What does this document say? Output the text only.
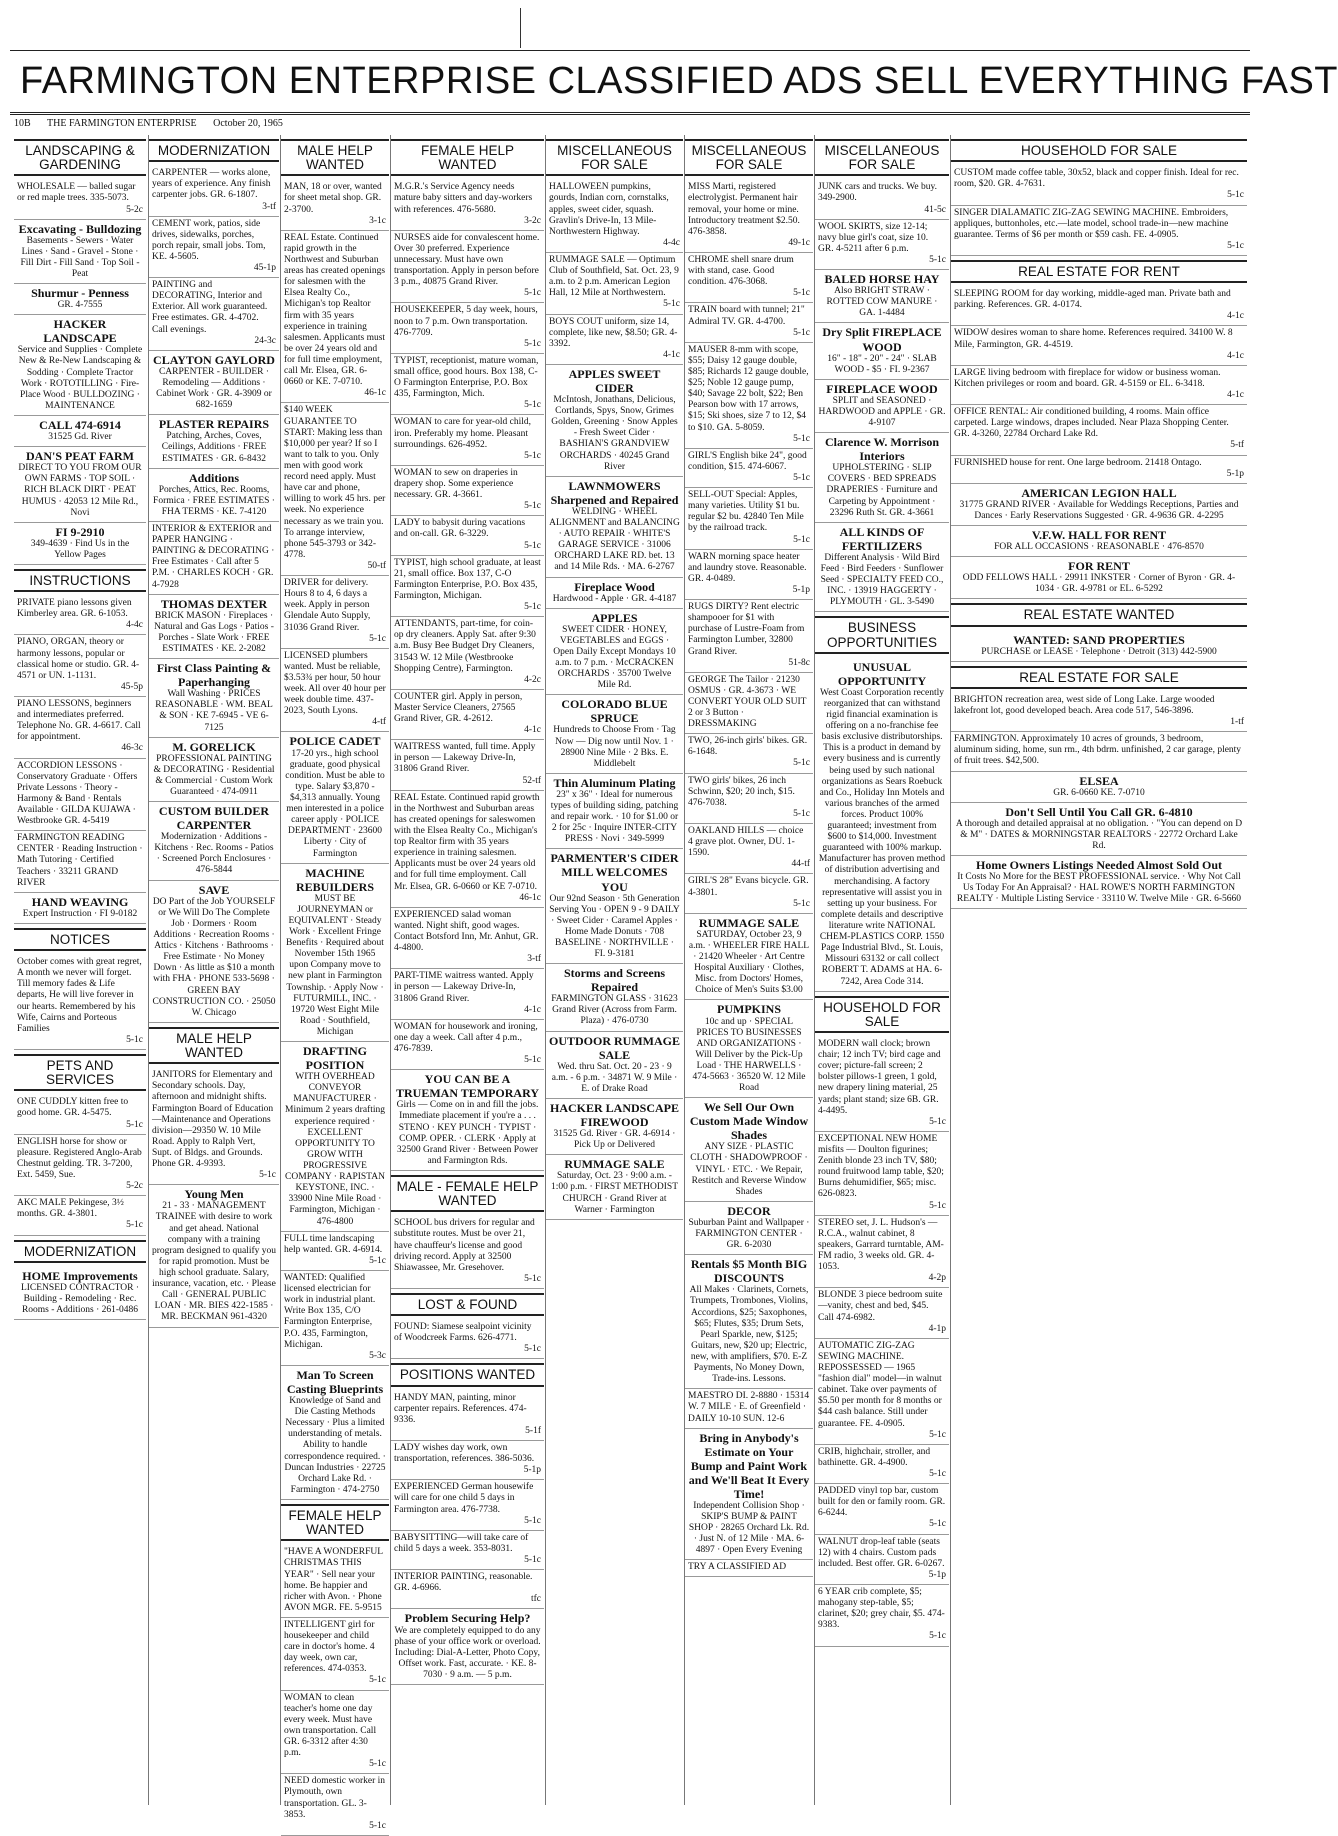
FARMINGTON ENTERPRISE CLASSIFIED ADS SELL EVERYTHING FAST
10B THE FARMINGTON ENTERPRISE October 20, 1965
LANDSCAPING & GARDENING

WHOLESALE — balled sugar or red maple trees. 335-5073.

5-2c

Excavating - Bulldozing

Basements - Sewers · Water Lines · Sand - Gravel - Stone · Fill Dirt - Fill Sand · Top Soil - Peat

Shurmur - Penness

GR. 4-7555

HACKER LANDSCAPE

Service and Supplies · Complete New & Re-New Landscaping & Sodding · Complete Tractor Work · ROTOTILLING · Fire-Place Wood · BULLDOZING · MAINTENANCE

CALL 474-6914

31525 Gd. River

DAN'S PEAT FARM

DIRECT TO YOU FROM OUR OWN FARMS · TOP SOIL · RICH BLACK DIRT · PEAT HUMUS · 42053 12 Mile Rd., Novi

FI 9-2910

349-4639 · Find Us in the Yellow Pages

INSTRUCTIONS

PRIVATE piano lessons given Kimberley area. GR. 6-1053.

4-4c

PIANO, ORGAN, theory or harmony lessons, popular or classical home or studio. GR. 4-4571 or UN. 1-1131.

45-5p

PIANO LESSONS, beginners and intermediates preferred. Telephone No. GR. 4-6617. Call for appointment.

46-3c

ACCORDION LESSONS · Conservatory Graduate · Offers Private Lessons · Theory - Harmony & Band · Rentals Available · GILDA KUJAWA · Westbrooke GR. 4-5419

FARMINGTON READING CENTER · Reading Instruction · Math Tutoring · Certified Teachers · 33211 GRAND RIVER

HAND WEAVING

Expert Instruction · FI 9-0182

NOTICES

October comes with great regret, A month we never will forget. Till memory fades & Life departs, He will live forever in our hearts. Remembered by his Wife, Cairns and Porteous Families

5-1c

PETS AND SERVICES

ONE CUDDLY kitten free to good home. GR. 4-5475.

5-1c

ENGLISH horse for show or pleasure. Registered Anglo-Arab Chestnut gelding. TR. 3-7200, Ext. 5459, Sue.

5-2c

AKC MALE Pekingese, 3½ months. GR. 4-3801.

5-1c

MODERNIZATION

HOME Improvements

LICENSED CONTRACTOR · Building - Remodeling · Rec. Rooms - Additions · 261-0486

MODERNIZATION

CARPENTER — works alone, years of experience. Any finish carpenter jobs. GR. 6-1807.

3-tf

CEMENT work, patios, side drives, sidewalks, porches, porch repair, small jobs. Tom, KE. 4-5605.

45-1p

PAINTING and DECORATING, Interior and Exterior. All work guaranteed. Free estimates. GR. 4-4702. Call evenings.

24-3c

CLAYTON GAYLORD

CARPENTER - BUILDER · Remodeling — Additions · Cabinet Work · GR. 4-3909 or 682-1659

PLASTER REPAIRS

Patching, Arches, Coves, Ceilings, Additions · FREE ESTIMATES · GR. 6-8432

Additions

Porches, Attics, Rec. Rooms, Formica · FREE ESTIMATES · FHA TERMS · KE. 7-4120

INTERIOR & EXTERIOR and PAPER HANGING · PAINTING & DECORATING · Free Estimates · Call after 5 P.M. · CHARLES KOCH · GR. 4-7928

THOMAS DEXTER

BRICK MASON · Fireplaces · Natural and Gas Logs · Patios - Porches - Slate Work · FREE ESTIMATES · KE. 2-2082

First Class Painting & Paperhanging

Wall Washing · PRICES REASONABLE · WM. BEAL & SON · KE 7-6945 - VE 6-7125

M. GORELICK

PROFESSIONAL PAINTING & DECORATING · Residential & Commercial · Custom Work Guaranteed · 474-0911

CUSTOM BUILDER CARPENTER

Modernization · Additions - Kitchens · Rec. Rooms - Patios · Screened Porch Enclosures · 476-5844

SAVE

DO Part of the Job YOURSELF or We Will Do The Complete Job · Dormers · Room Additions · Recreation Rooms · Attics · Kitchens · Bathrooms · Free Estimate · No Money Down · As little as $10 a month with FHA · PHONE 533-5698 · GREEN BAY CONSTRUCTION CO. · 25050 W. Chicago

MALE HELP WANTED

JANITORS for Elementary and Secondary schools. Day, afternoon and midnight shifts. Farmington Board of Education—Maintenance and Operations division—29350 W. 10 Mile Road. Apply to Ralph Vert, Supt. of Bldgs. and Grounds. Phone GR. 4-9393.

5-1c

Young Men

21 - 33 · MANAGEMENT TRAINEE with desire to work and get ahead. National company with a training program designed to qualify you for rapid promotion. Must be high school graduate. Salary, insurance, vacation, etc. · Please Call · GENERAL PUBLIC LOAN · MR. BIES 422-1585 · MR. BECKMAN 961-4320

MALE HELP WANTED

MAN, 18 or over, wanted for sheet metal shop. GR. 2-3700.

3-1c

REAL Estate. Continued rapid growth in the Northwest and Suburban areas has created openings for salesmen with the Elsea Realty Co., Michigan's top Realtor firm with 35 years experience in training salesmen. Applicants must be over 24 years old and for full time employment, call Mr. Elsea, GR. 6-0660 or KE. 7-0710.

46-1c

$140 WEEK GUARANTEE TO START: Making less than $10,000 per year? If so I want to talk to you. Only men with good work record need apply. Must have car and phone, willing to work 45 hrs. per week. No experience necessary as we train you. To arrange interview, phone 545-3793 or 342-4778.

50-tf

DRIVER for delivery. Hours 8 to 4, 6 days a week. Apply in person Glendale Auto Supply, 31036 Grand River.

5-1c

LICENSED plumbers wanted. Must be reliable, $3.53¾ per hour, 50 hour week. All over 40 hour per week double time. 437-2023, South Lyons.

4-tf

POLICE CADET

17-20 yrs., high school graduate, good physical condition. Must be able to type. Salary $3,870 - $4,313 annually. Young men interested in a police career apply · POLICE DEPARTMENT · 23600 Liberty · City of Farmington

MACHINE REBUILDERS

MUST BE JOURNEYMAN or EQUIVALENT · Steady Work · Excellent Fringe Benefits · Required about November 15th 1965 upon Company move to new plant in Farmington Township. · Apply Now · FUTURMILL, INC. · 19720 West Eight Mile Road · Southfield, Michigan

DRAFTING POSITION

WITH OVERHEAD CONVEYOR MANUFACTURER · Minimum 2 years drafting experience required · EXCELLENT OPPORTUNITY TO GROW WITH PROGRESSIVE COMPANY · RAPISTAN KEYSTONE, INC. · 33900 Nine Mile Road · Farmington, Michigan · 476-4800

FULL time landscaping help wanted. GR. 4-6914.

5-1c

WANTED: Qualified licensed electrician for work in industrial plant. Write Box 135, C/O Farmington Enterprise, P.O. 435, Farmington, Michigan.

5-3c

Man To Screen Casting Blueprints

Knowledge of Sand and Die Casting Methods Necessary · Plus a limited understanding of metals. Ability to handle correspondence required. · Duncan Industries · 22725 Orchard Lake Rd. · Farmington · 474-2750

FEMALE HELP WANTED

"HAVE A WONDERFUL CHRISTMAS THIS YEAR" · Sell near your home. Be happier and richer with Avon. · Phone AVON MGR. FE. 5-9515

INTELLIGENT girl for housekeeper and child care in doctor's home. 4 day week, own car, references. 474-0353.

5-1c

WOMAN to clean teacher's home one day every week. Must have own transportation. Call GR. 6-3312 after 4:30 p.m.

5-1c

NEED domestic worker in Plymouth, own transportation. GL. 3-3853.

5-1c

FEMALE HELP WANTED

M.G.R.'s Service Agency needs mature baby sitters and day-workers with references. 476-5680.

3-2c

NURSES aide for convalescent home. Over 30 preferred. Experience unnecessary. Must have own transportation. Apply in person before 3 p.m., 40875 Grand River.

5-1c

HOUSEKEEPER, 5 day week, hours, noon to 7 p.m. Own transportation. 476-7709.

5-1c

TYPIST, receptionist, mature woman, small office, good hours. Box 138, C-O Farmington Enterprise, P.O. Box 435, Farmington, Mich.

5-1c

WOMAN to care for year-old child, iron. Preferably my home. Pleasant surroundings. 626-4952.

5-1c

WOMAN to sew on draperies in drapery shop. Some experience necessary. GR. 4-3661.

5-1c

LADY to babysit during vacations and on-call. GR. 6-3229.

5-1c

TYPIST, high school graduate, at least 21, small office. Box 137, C-O Farmington Enterprise, P.O. Box 435, Farmington, Michigan.

5-1c

ATTENDANTS, part-time, for coin-op dry cleaners. Apply Sat. after 9:30 a.m. Busy Bee Budget Dry Cleaners, 31543 W. 12 Mile (Westbrooke Shopping Centre), Farmington.

4-2c

COUNTER girl. Apply in person, Master Service Cleaners, 27565 Grand River, GR. 4-2612.

4-1c

WAITRESS wanted, full time. Apply in person — Lakeway Drive-In, 31806 Grand River.

52-tf

REAL Estate. Continued rapid growth in the Northwest and Suburban areas has created openings for saleswomen with the Elsea Realty Co., Michigan's top Realtor firm with 35 years experience in training salesmen. Applicants must be over 24 years old and for full time employment. Call Mr. Elsea, GR. 6-0660 or KE 7-0710.

46-1c

EXPERIENCED salad woman wanted. Night shift, good wages. Contact Botsford Inn, Mr. Anhut, GR. 4-4800.

3-tf

PART-TIME waitress wanted. Apply in person — Lakeway Drive-In, 31806 Grand River.

4-1c

WOMAN for housework and ironing, one day a week. Call after 4 p.m., 476-7839.

5-1c

YOU CAN BE A TRUEMAN TEMPORARY

Girls — Come on in and fill the jobs. Immediate placement if you're a . . . STENO · KEY PUNCH · TYPIST · COMP. OPER. · CLERK · Apply at 32500 Grand River · Between Power and Farmington Rds.

MALE - FEMALE HELP WANTED

SCHOOL bus drivers for regular and substitute routes. Must be over 21, have chauffeur's license and good driving record. Apply at 32500 Shiawassee, Mr. Gresehover.

5-1c

LOST & FOUND

FOUND: Siamese sealpoint vicinity of Woodcreek Farms. 626-4771.

5-1c

POSITIONS WANTED

HANDY MAN, painting, minor carpenter repairs. References. 474-9336.

5-1f

LADY wishes day work, own transportation, references. 386-5036.

5-1p

EXPERIENCED German housewife will care for one child 5 days in Farmington area. 476-7738.

5-1c

BABYSITTING—will take care of child 5 days a week. 353-8031.

5-1c

INTERIOR PAINTING, reasonable. GR. 4-6966.

tfc

Problem Securing Help?

We are completely equipped to do any phase of your office work or overload. Including: Dial-A-Letter, Photo Copy, Offset work. Fast, accurate. · KE. 8-7030 · 9 a.m. — 5 p.m.

MISCELLANEOUS FOR SALE

HALLOWEEN pumpkins, gourds, Indian corn, cornstalks, apples, sweet cider, squash. Gravlin's Drive-In, 13 Mile-Northwestern Highway.

4-4c

RUMMAGE SALE — Optimum Club of Southfield, Sat. Oct. 23, 9 a.m. to 2 p.m. American Legion Hall, 12 Mile at Northwestern.

5-1c

BOYS COUT uniform, size 14, complete, like new, $8.50; GR. 4-3392.

4-1c

APPLES SWEET CIDER

McIntosh, Jonathans, Delicious, Cortlands, Spys, Snow, Grimes Golden, Greening · Snow Apples - Fresh Sweet Cider · BASHIAN'S GRANDVIEW ORCHARDS · 40245 Grand River

LAWNMOWERS Sharpened and Repaired

WELDING · WHEEL ALIGNMENT and BALANCING · AUTO REPAIR · WHITE'S GARAGE SERVICE · 31006 ORCHARD LAKE RD. bet. 13 and 14 Mile Rds. · MA. 6-2767

Fireplace Wood

Hardwood - Apple · GR. 4-4187

APPLES

SWEET CIDER · HONEY, VEGETABLES and EGGS · Open Daily Except Mondays 10 a.m. to 7 p.m. · McCRACKEN ORCHARDS · 35700 Twelve Mile Rd.

COLORADO BLUE SPRUCE

Hundreds to Choose From · Tag Now — Dig now until Nov. 1 · 28900 Nine Mile · 2 Bks. E. Middlebelt

Thin Aluminum Plating

23" x 36" · Ideal for numerous types of building siding, patching and repair work. · 10 for $1.00 or 2 for 25c · Inquire INTER-CITY PRESS · Novi · 349-5999

PARMENTER'S CIDER MILL WELCOMES YOU

Our 92nd Season · 5th Generation Serving You · OPEN 9 - 9 DAILY · Sweet Cider · Caramel Apples · Home Made Donuts · 708 BASELINE · NORTHVILLE · FI. 9-3181

Storms and Screens Repaired

FARMINGTON GLASS · 31623 Grand River (Across from Farm. Plaza) · 476-0730

OUTDOOR RUMMAGE SALE

Wed. thru Sat. Oct. 20 - 23 · 9 a.m. - 6 p.m. · 34871 W. 9 Mile · E. of Drake Road

HACKER LANDSCAPE FIREWOOD

31525 Gd. River · GR. 4-6914 · Pick Up or Delivered

RUMMAGE SALE

Saturday, Oct. 23 · 9:00 a.m. - 1:00 p.m. · FIRST METHODIST CHURCH · Grand River at Warner · Farmington

MISCELLANEOUS FOR SALE

MISS Marti, registered electrolygist. Permanent hair removal, your home or mine. Introductory treatment $2.50. 476-3858.

49-1c

CHROME shell snare drum with stand, case. Good condition. 476-3068.

5-1c

TRAIN board with tunnel; 21" Admiral TV. GR. 4-4700.

5-1c

MAUSER 8-mm with scope, $55; Daisy 12 gauge double, $85; Richards 12 gauge double, $25; Noble 12 gauge pump, $40; Savage 22 bolt, $22; Ben Pearson bow with 17 arrows, $15; Ski shoes, size 7 to 12, $4 to $10. GA. 5-8059.

5-1c

GIRL'S English bike 24", good condition, $15. 474-6067.

5-1c

SELL-OUT Special: Apples, many varieties. Utility $1 bu. regular $2 bu. 42840 Ten Mile by the railroad track.

5-1c

WARN morning space heater and laundry stove. Reasonable. GR. 4-0489.

5-1p

RUGS DIRTY? Rent electric shampooer for $1 with purchase of Lustre-Foam from Farmington Lumber, 32800 Grand River.

51-8c

GEORGE The Tailor · 21230 OSMUS · GR. 4-3673 · WE CONVERT YOUR OLD SUIT 2 or 3 Button · DRESSMAKING

TWO, 26-inch girls' bikes. GR. 6-1648.

5-1c

TWO girls' bikes, 26 inch Schwinn, $20; 20 inch, $15. 476-7038.

5-1c

OAKLAND HILLS — choice 4 grave plot. Owner, DU. 1-1590.

44-tf

GIRL'S 28" Evans bicycle. GR. 4-3801.

5-1c

RUMMAGE SALE

SATURDAY, October 23, 9 a.m. · WHEELER FIRE HALL · 21420 Wheeler · Art Centre Hospital Auxiliary · Clothes, Misc. from Doctors' Homes, Choice of Men's Suits $3.00

PUMPKINS

10c and up · SPECIAL PRICES TO BUSINESSES AND ORGANIZATIONS · Will Deliver by the Pick-Up Load · THE HARWELLS · 474-5663 · 36520 W. 12 Mile Road

We Sell Our Own Custom Made Window Shades

ANY SIZE · PLASTIC CLOTH · SHADOWPROOF · VINYL · ETC. · We Repair, Restitch and Reverse Window Shades

DECOR

Suburban Paint and Wallpaper · FARMINGTON CENTER · GR. 6-2030

Rentals $5 Month BIG DISCOUNTS

All Makes · Clarinets, Cornets, Trumpets, Trombones, Violins, Accordions, $25; Saxophones, $65; Flutes, $35; Drum Sets, Pearl Sparkle, new, $125; Guitars, new, $20 up; Electric, new, with amplifiers, $70. E-Z Payments, No Money Down, Trade-ins. Lessons.

MAESTRO DI. 2-8880 · 15314 W. 7 MILE · E. of Greenfield · DAILY 10-10 SUN. 12-6

Bring in Anybody's Estimate on Your Bump and Paint Work and We'll Beat It Every Time!

Independent Collision Shop · SKIP'S BUMP & PAINT SHOP · 28265 Orchard Lk. Rd. · Just N. of 12 Mile · MA. 6-4897 · Open Every Evening

TRY A CLASSIFIED AD

MISCELLANEOUS FOR SALE

JUNK cars and trucks. We buy. 349-2900.

41-5c

WOOL SKIRTS, size 12-14; navy blue girl's coat, size 10. GR. 4-5211 after 6 p.m.

5-1c

BALED HORSE HAY

Also BRIGHT STRAW · ROTTED COW MANURE · GA. 1-4484

Dry Split FIREPLACE WOOD

16" - 18" - 20" - 24" · SLAB WOOD - $5 · FI. 9-2367

FIREPLACE WOOD

SPLIT and SEASONED · HARDWOOD and APPLE · GR. 4-9107

Clarence W. Morrison Interiors

UPHOLSTERING · SLIP COVERS · BED SPREADS DRAPERIES · Furniture and Carpeting by Appointment · 23296 Ruth St. GR. 4-3661

ALL KINDS OF FERTILIZERS

Different Analysis · Wild Bird Feed · Bird Feeders · Sunflower Seed · SPECIALTY FEED CO., INC. · 13919 HAGGERTY · PLYMOUTH · GL. 3-5490

BUSINESS OPPORTUNITIES

UNUSUAL OPPORTUNITY

West Coast Corporation recently reorganized that can withstand rigid financial examination is offering on a no-franchise fee basis exclusive distributorships. This is a product in demand by every business and is currently being used by such national organizations as Sears Roebuck and Co., Holiday Inn Motels and various branches of the armed forces. Product 100% guaranteed; investment from $600 to $14,000. Investment guaranteed with 100% markup. Manufacturer has proven method of distribution advertising and merchandising. A factory representative will assist you in setting up your business. For complete details and descriptive literature write NATIONAL CHEM-PLASTICS CORP. 1550 Page Industrial Blvd., St. Louis, Missouri 63132 or call collect ROBERT T. ADAMS at HA. 6-7242, Area Code 314.

HOUSEHOLD FOR SALE

MODERN wall clock; brown chair; 12 inch TV; bird cage and cover; picture-fall screen; 2 bolster pillows-1 green, 1 gold, new drapery lining material, 25 yards; plant stand; size 6B. GR. 4-4495.

5-1c

EXCEPTIONAL NEW HOME misfits — Doulton figurines; Zenith blonde 23 inch TV, $80; round fruitwood lamp table, $20; Burns dehumidifier, $65; misc. 626-0823.

5-1c

STEREO set, J. L. Hudson's — R.C.A., walnut cabinet, 8 speakers, Garrard turntable, AM-FM radio, 3 weeks old. GR. 4-1053.

4-2p

BLONDE 3 piece bedroom suite—vanity, chest and bed, $45. Call 474-6982.

4-1p

AUTOMATIC ZIG-ZAG SEWING MACHINE. REPOSSESSED — 1965 "fashion dial" model—in walnut cabinet. Take over payments of $5.50 per month for 8 months or $44 cash balance. Still under guarantee. FE. 4-0905.

5-1c

CRIB, highchair, stroller, and bathinette. GR. 4-4900.

5-1c

PADDED vinyl top bar, custom built for den or family room. GR. 6-6244.

5-1c

WALNUT drop-leaf table (seats 12) with 4 chairs. Custom pads included. Best offer. GR. 6-0267.

5-1p

6 YEAR crib complete, $5; mahogany step-table, $5; clarinet, $20; grey chair, $5. 474-9383.

5-1c

HOUSEHOLD FOR SALE

CUSTOM made coffee table, 30x52, black and copper finish. Ideal for rec. room, $20. GR. 4-7631.

5-1c

SINGER DIALAMATIC ZIG-ZAG SEWING MACHINE. Embroiders, appliques, buttonholes, etc.—late model, school trade-in—new machine guarantee. Terms of $6 per month or $59 cash. FE. 4-0905.

5-1c

REAL ESTATE FOR RENT

SLEEPING ROOM for day working, middle-aged man. Private bath and parking. References. GR. 4-0174.

4-1c

WIDOW desires woman to share home. References required. 34100 W. 8 Mile, Farmington, GR. 4-4519.

4-1c

LARGE living bedroom with fireplace for widow or business woman. Kitchen privileges or room and board. GR. 4-5159 or EL. 6-3418.

4-1c

OFFICE RENTAL: Air conditioned building, 4 rooms. Main office carpeted. Large windows, drapes included. Near Plaza Shopping Center. GR. 4-3260, 22784 Orchard Lake Rd.

5-tf

FURNISHED house for rent. One large bedroom. 21418 Ontago.

5-1p

AMERICAN LEGION HALL

31775 GRAND RIVER · Available for Weddings Receptions, Parties and Dances · Early Reservations Suggested · GR. 4-9636 GR. 4-2295

V.F.W. HALL FOR RENT

FOR ALL OCCASIONS · REASONABLE · 476-8570

FOR RENT

ODD FELLOWS HALL · 29911 INKSTER · Corner of Byron · GR. 4-1034 · GR. 4-9781 or EL. 6-5292

REAL ESTATE WANTED

WANTED: SAND PROPERTIES

PURCHASE or LEASE · Telephone · Detroit (313) 442-5900

REAL ESTATE FOR SALE

BRIGHTON recreation area, west side of Long Lake. Large wooded lakefront lot, good developed beach. Area code 517, 546-3896.

1-tf

FARMINGTON. Approximately 10 acres of grounds, 3 bedroom, aluminum siding, home, sun rm., 4th bdrm. unfinished, 2 car garage, plenty of fruit trees. $42,500.

ELSEA

GR. 6-0660 KE. 7-0710

Don't Sell Until You Call GR. 6-4810

A thorough and detailed appraisal at no obligation. · "You can depend on D & M" · DATES & MORNINGSTAR REALTORS · 22772 Orchard Lake Rd.

Home Owners Listings Needed Almost Sold Out

It Costs No More for the BEST PROFESSIONAL service. · Why Not Call Us Today For An Appraisal? · HAL ROWE'S NORTH FARMINGTON REALTY · Multiple Listing Service · 33110 W. Twelve Mile · GR. 6-5660
